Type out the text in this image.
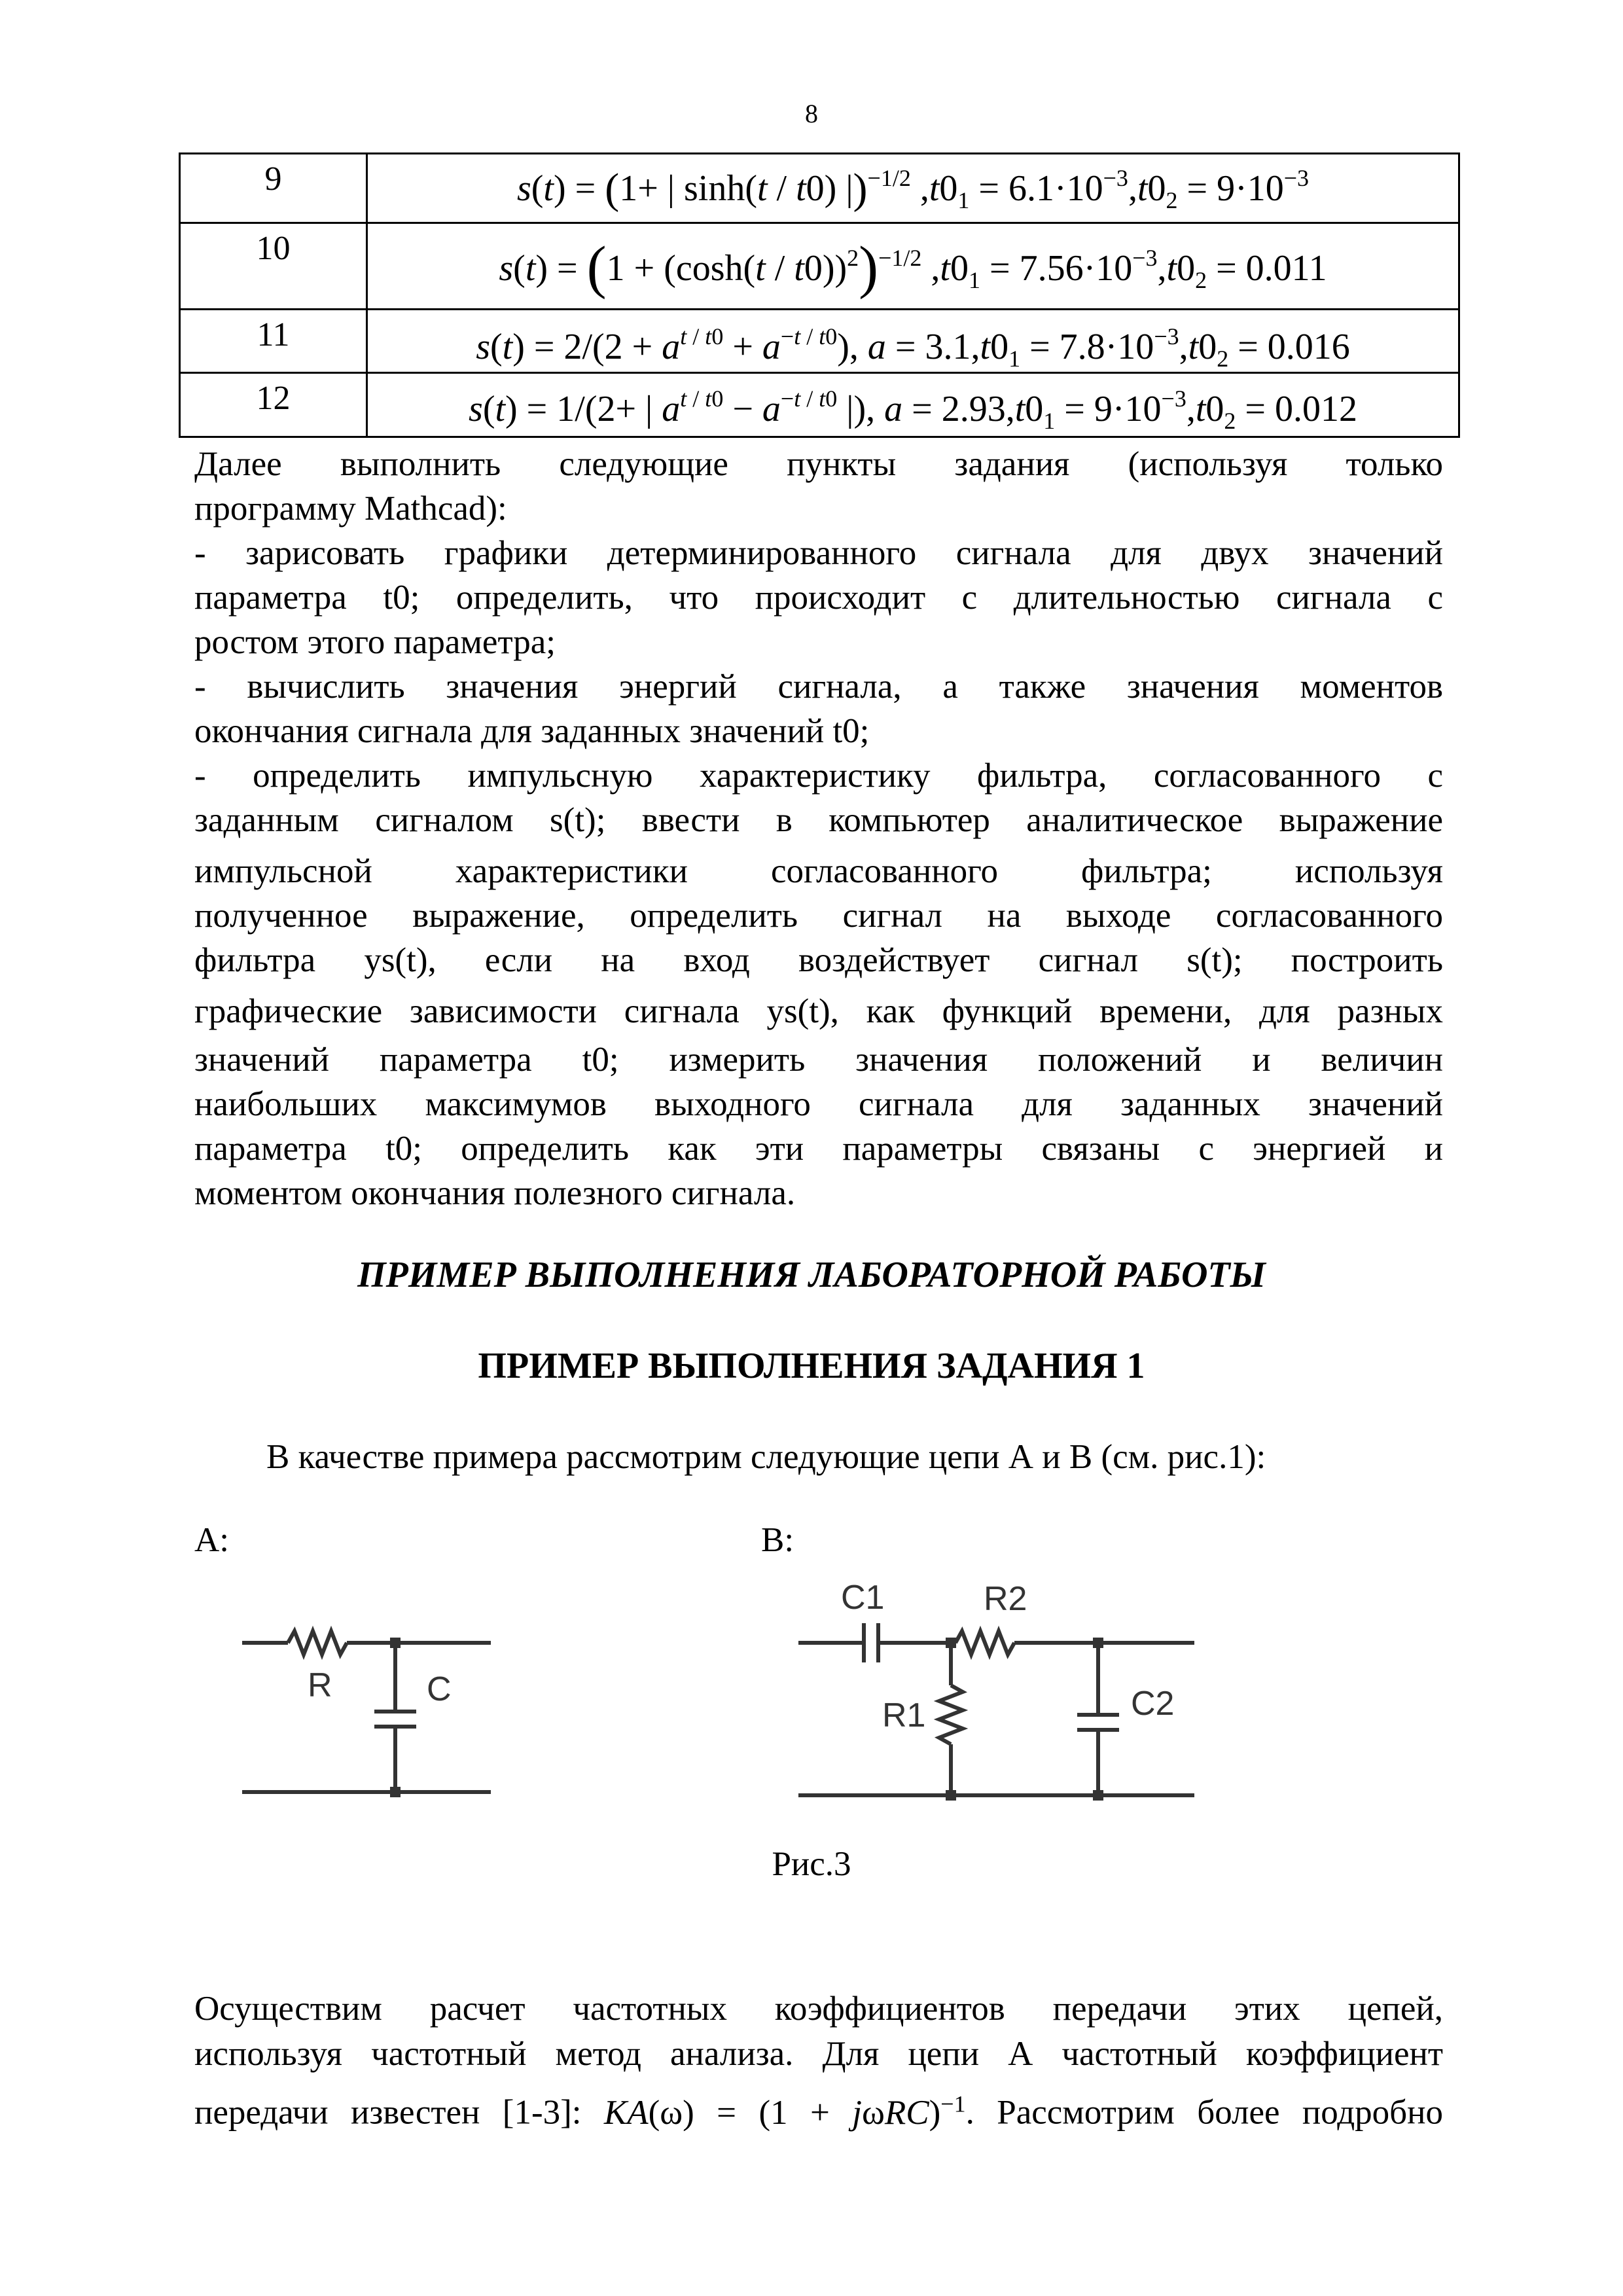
8
9	s(t) = (1+ | sinh(t / t0) |)$^{-1/2}$ $,t0_1 = 6.1\cdot 10^{-3},t0_2 = 9\cdot 10^{-3}$

10	$s(t) = (1 + (\cosh(t / t0))^2)^{-1/2}$ $,t0_1 = 7.56\cdot 10^{-3},t0_2 = 0.011$

11	$s(t) = 2/(2 + a^{t / t0} + a^{-t / t0})$, $a = 3.1,t0_1 = 7.8\cdot 10^{-3},t0_2 = 0.016$

12	s(t) = 1/(2+ | $a^{t / t0} - a^{-t / t0}$ |), $a = 2.93,t0_1 = 9\cdot 10^{-3},t0_2 = 0.012$
Далее выполнить следующие пункты задания (используя только
программу Mathcad):
- зарисовать графики детерминированного сигнала для двух значений
параметра t0; определить, что происходит с длительностью сигнала с
ростом этого параметра;
- вычислить значения энергий сигнала, а также значения моментов
окончания сигнала для заданных значений t0;
- определить импульсную характеристику фильтра, согласованного с
заданным сигналом s(t); ввести в компьютер аналитическое выражение
импульсной характеристики согласованного фильтра; используя
полученное выражение, определить сигнал на выходе согласованного
фильтра ys(t), если на вход воздействует сигнал s(t); построить
графические зависимости сигнала ys(t), как функций времени, для разных
значений параметра t0; измерить значения положений и величин
наибольших максимумов выходного сигнала для заданных значений
параметра t0; определить как эти параметры связаны с энергией и
моментом окончания полезного сигнала.
ПРИМЕР ВЫПОЛНЕНИЯ ЛАБОРАТОРНОЙ РАБОТЫ
ПРИМЕР ВЫПОЛНЕНИЯ ЗАДАНИЯ 1
В качестве примера рассмотрим следующие цепи А и В (см. рис.1):
А:	В:
R	C
C1	R2
R1	C2
Рис.3
Осуществим расчет частотных коэффициентов передачи этих цепей,
используя частотный метод анализа. Для цепи А частотный коэффициент
передачи известен [1-3]: $KA(\omega) = (1 + j\omega RC)^{-1}$. Рассмотрим более подробно
